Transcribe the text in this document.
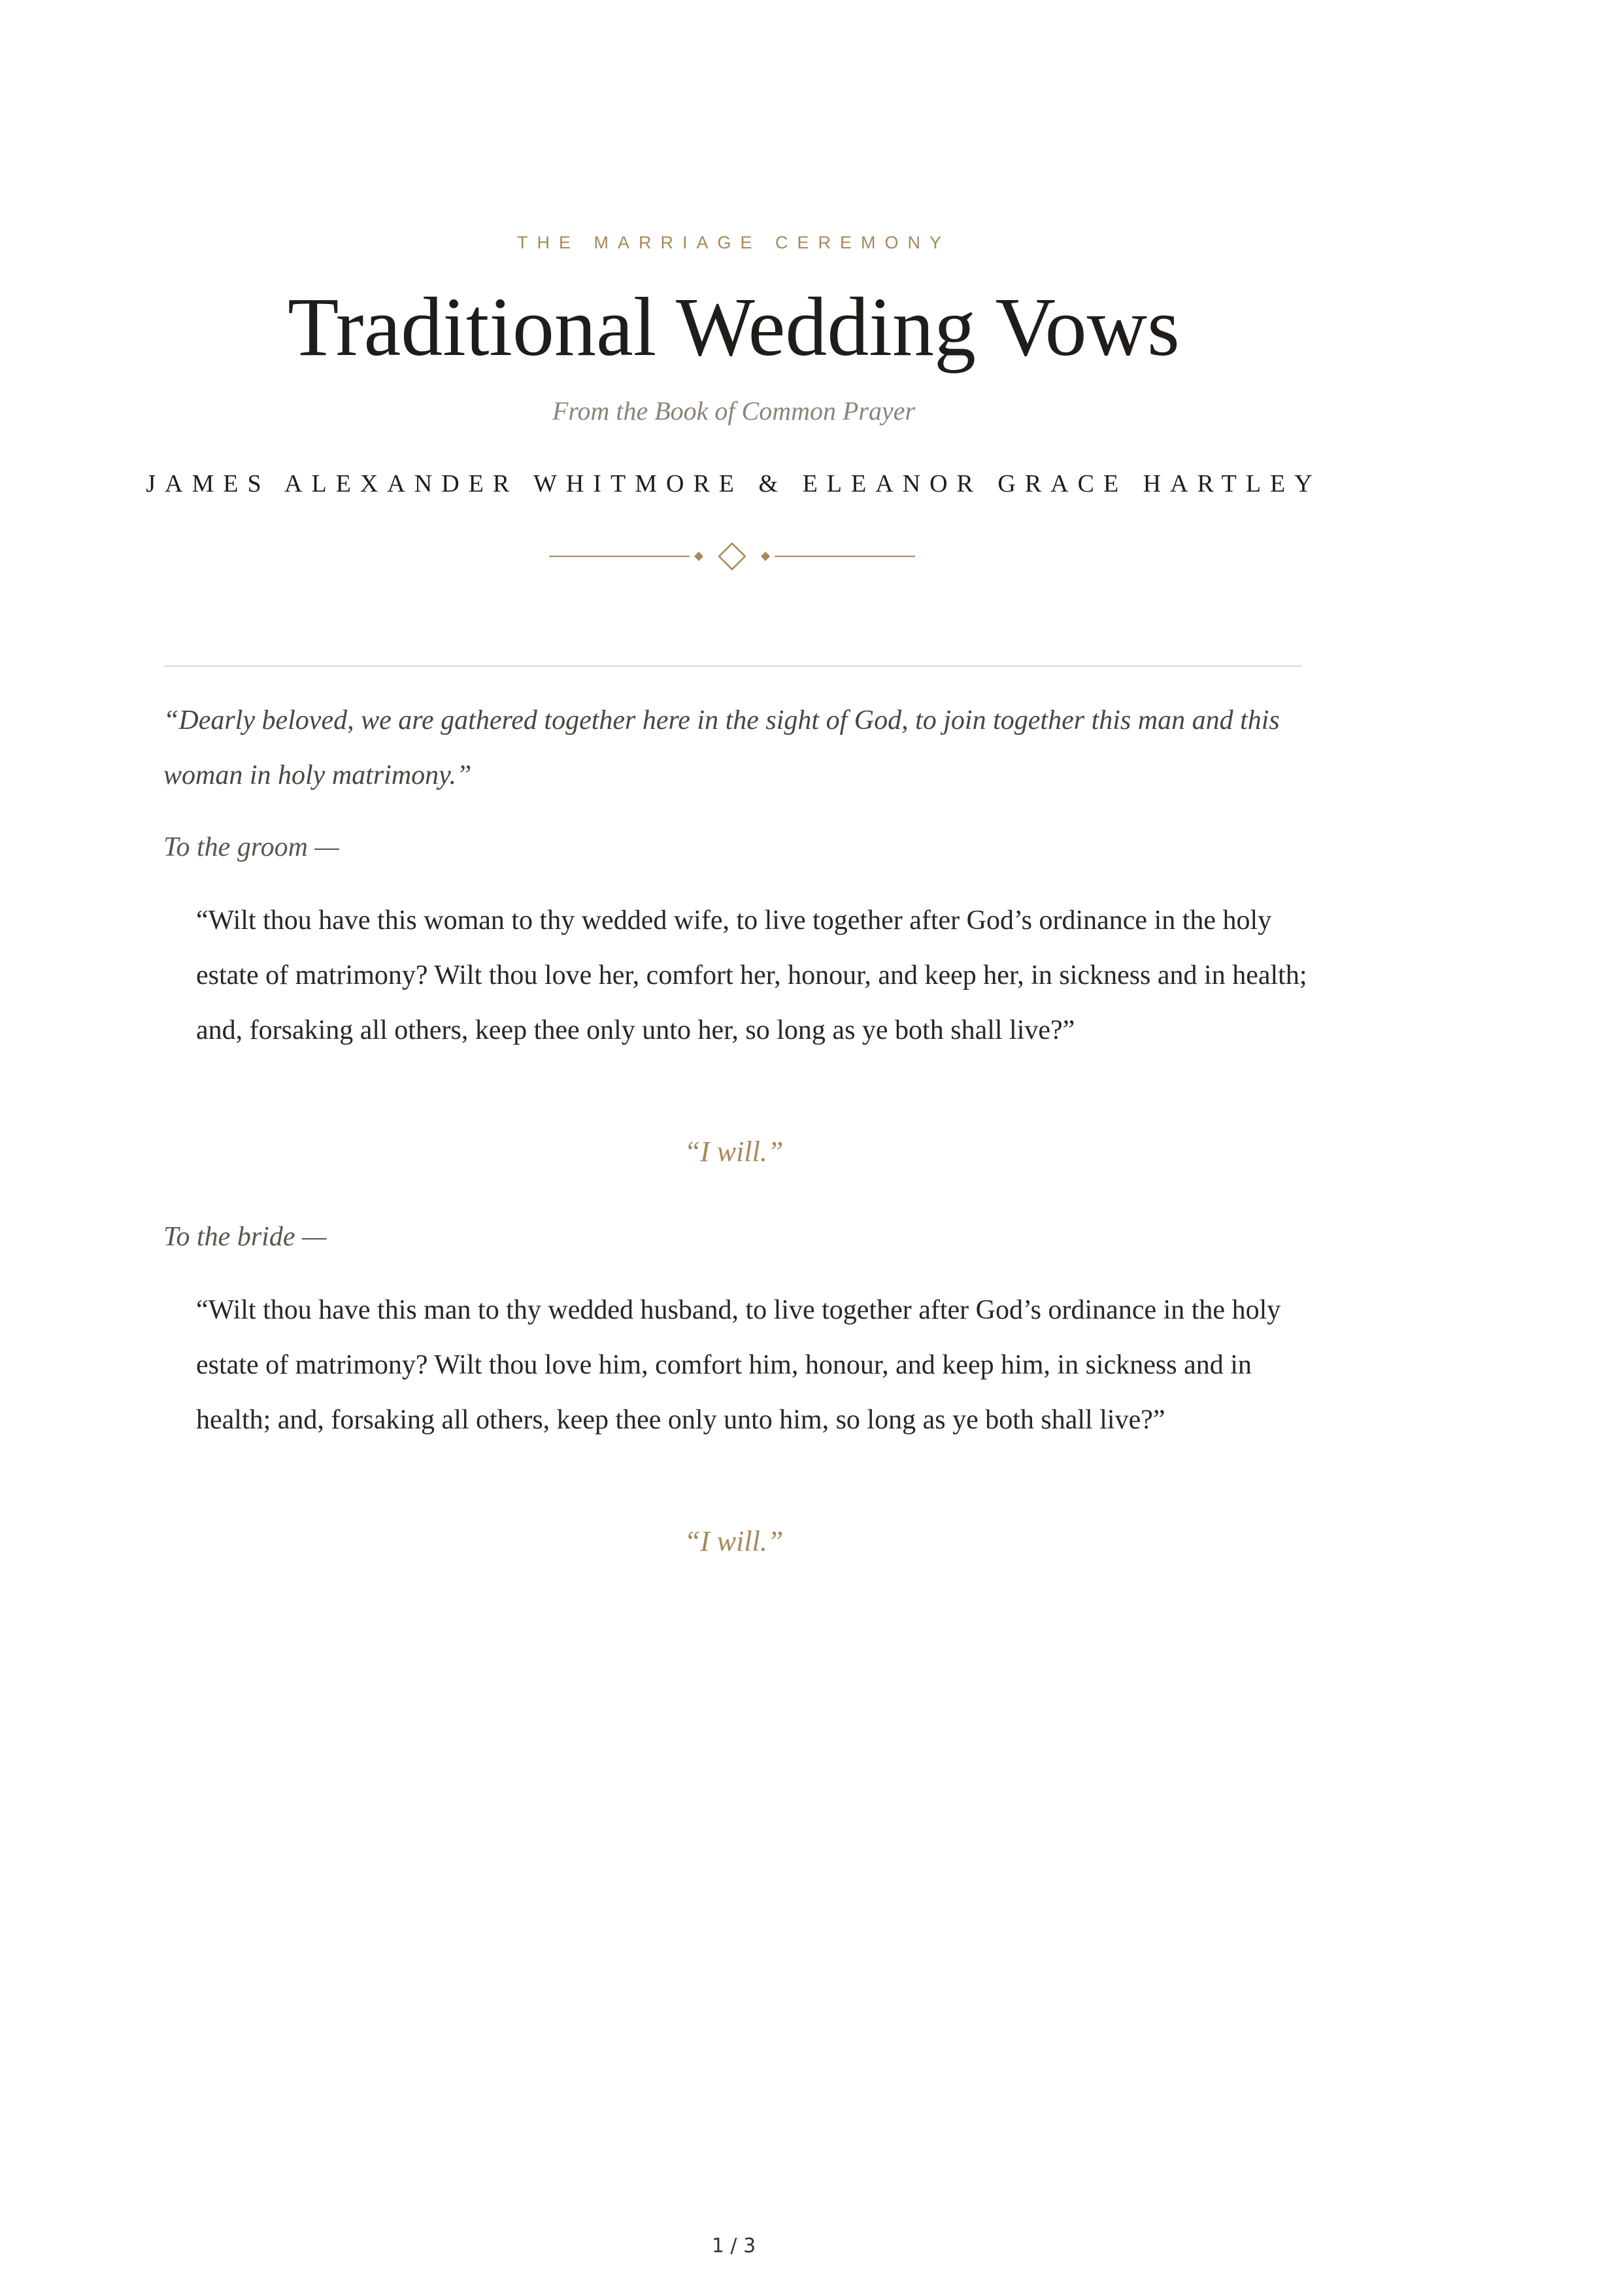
THE MARRIAGE CEREMONY
Traditional Wedding Vows
From the Book of Common Prayer
JAMES ALEXANDER WHITMORE & ELEANOR GRACE HARTLEY
“Dearly beloved, we are gathered together here in the sight of God, to join together this man and this woman in holy matrimony.”
To the groom —
“Wilt thou have this woman to thy wedded wife, to live together after God’s ordinance in the holy estate of matrimony? Wilt thou love her, comfort her, honour, and keep her, in sickness and in health; and, forsaking all others, keep thee only unto her, so long as ye both shall live?”
“I will.”
To the bride —
“Wilt thou have this man to thy wedded husband, to live together after God’s ordinance in the holy estate of matrimony? Wilt thou love him, comfort him, honour, and keep him, in sickness and in health; and, forsaking all others, keep thee only unto him, so long as ye both shall live?”
“I will.”
1 / 3
